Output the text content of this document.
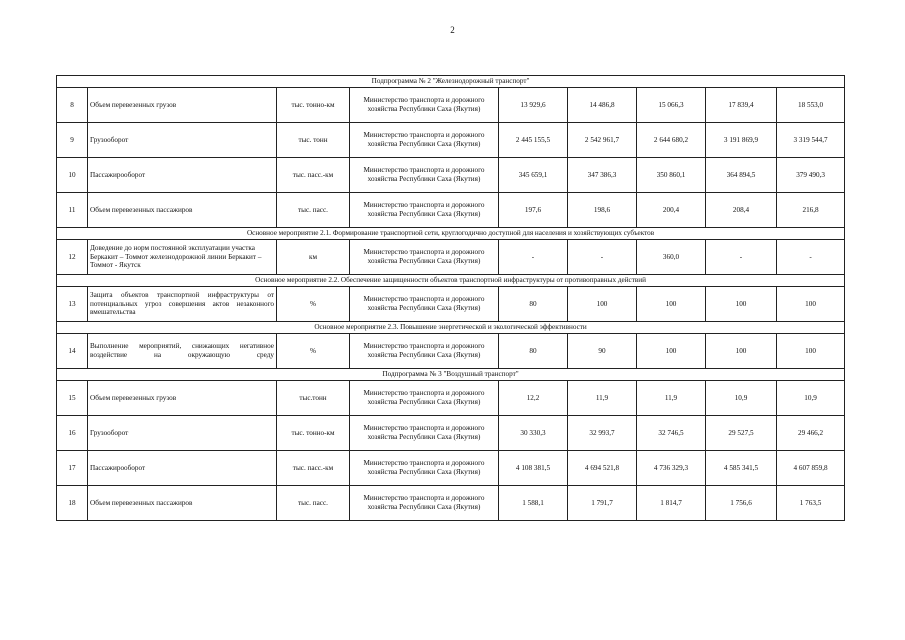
2
Подпрограмма № 2 "Железнодорожный транспорт"								
8	Объем перевезенных грузов	тыс. тонно-км	Министерство транспорта и дорожного хозяйства Республики Саха (Якутия)	13 929,6	14 486,8	15 066,3	17 839,4	18 553,0
9	Грузооборот	тыс. тонн	Министерство транспорта и дорожного хозяйства Республики Саха (Якутия)	2 445 155,5	2 542 961,7	2 644 680,2	3 191 869,9	3 319 544,7
10	Пассажирооборот	тыс. пасс.-км	Министерство транспорта и дорожного хозяйства Республики Саха (Якутия)	345 659,1	347 386,3	350 860,1	364 894,5	379 490,3
11	Объем перевезенных пассажиров	тыс. пасс.	Министерство транспорта и дорожного хозяйства Республики Саха (Якутия)	197,6	198,6	200,4	208,4	216,8
Основное мероприятие 2.1. Формирование транспортной сети, круглогодично доступной для населения и хозяйствующих субъектов								
12	Доведение до норм постоянной эксплуатации участка Беркакит – Томмот железнодорожной линии Беркакит – Томмот - Якутск	км	Министерство транспорта и дорожного хозяйства Республики Саха (Якутия)	-	-	360,0	-	-
Основное мероприятие 2.2. Обеспечение защищенности объектов транспортной инфраструктуры от противоправных действий								
13	Защита объектов транспортной инфраструктуры от потенциальных угроз совершения актов незаконного вмешательства	%	Министерство транспорта и дорожного хозяйства Республики Саха (Якутия)	80	100	100	100	100
Основное мероприятие 2.3. Повышение энергетической и экологической эффективности								
14	Выполнение мероприятий, снижающих негативное воздействие на окружающую среду	%	Министерство транспорта и дорожного хозяйства Республики Саха (Якутия)	80	90	100	100	100
Подпрограмма № 3 "Воздушный транспорт"								
15	Объем перевезенных грузов	тыс.тонн	Министерство транспорта и дорожного хозяйства Республики Саха (Якутия)	12,2	11,9	11,9	10,9	10,9
16	Грузооборот	тыс. тонно-км	Министерство транспорта и дорожного хозяйства Республики Саха (Якутия)	30 330,3	32 993,7	32 746,5	29 527,5	29 466,2
17	Пассажирооборот	тыс. пасс.-км	Министерство транспорта и дорожного хозяйства Республики Саха (Якутия)	4 108 381,5	4 694 521,8	4 736 329,3	4 585 341,5	4 607 859,8
18	Объем перевезенных пассажиров	тыс. пасс.	Министерство транспорта и дорожного хозяйства Республики Саха (Якутия)	1 588,1	1 791,7	1 814,7	1 756,6	1 763,5
